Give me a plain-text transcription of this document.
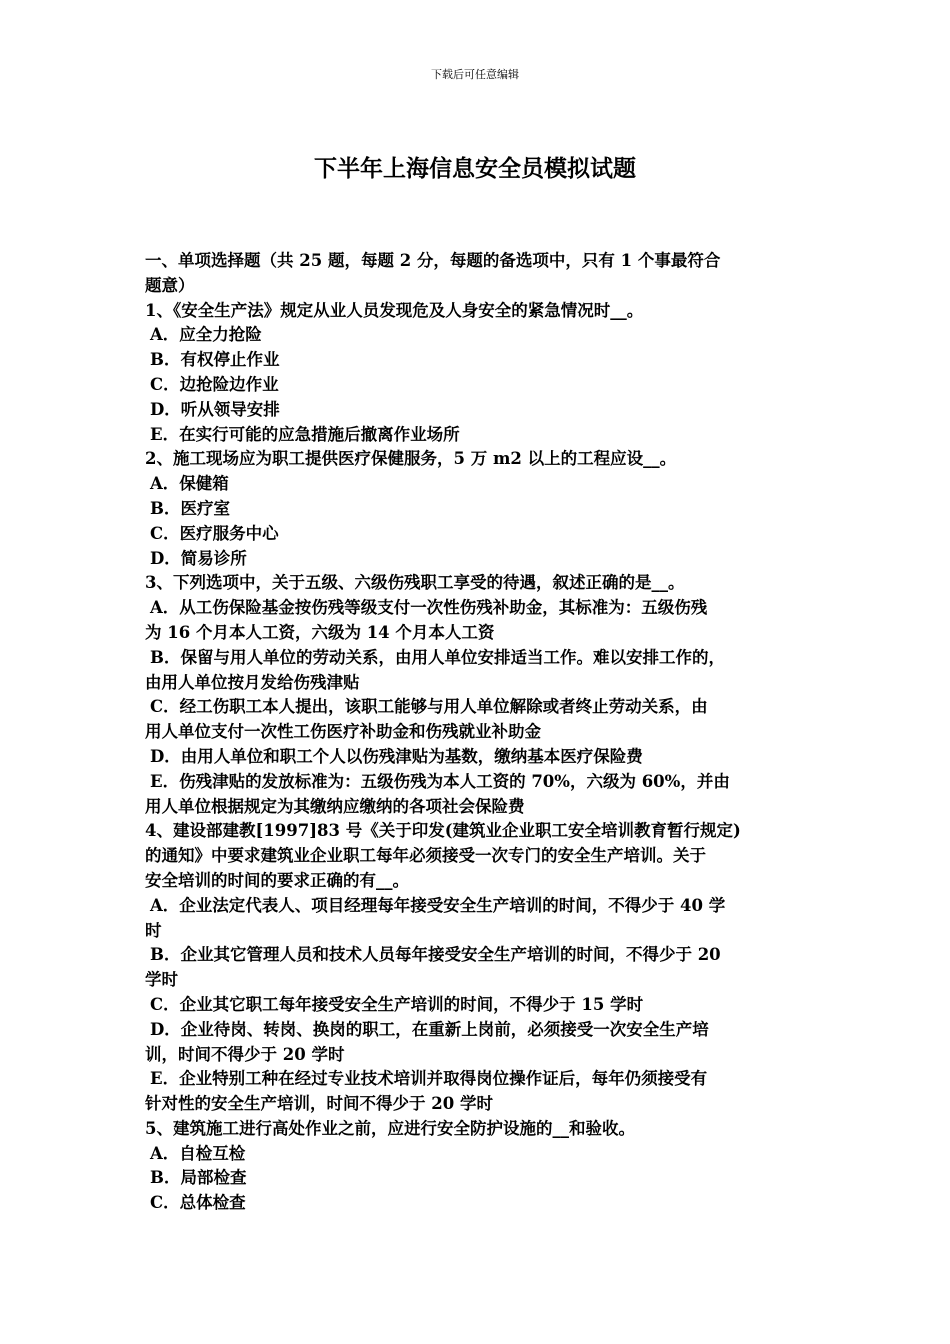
下载后可任意编辑
下半年上海信息安全员模拟试题
一、单项选择题（共 25 题，每题 2 分，每题的备选项中，只有 1 个事最符合
题意）
1、《安全生产法》规定从业人员发现危及人身安全的紧急情况时__。
A．应全力抢险
B．有权停止作业
C．边抢险边作业
D．听从领导安排
E．在实行可能的应急措施后撤离作业场所
2、施工现场应为职工提供医疗保健服务，5 万 m2 以上的工程应设__。
A．保健箱
B．医疗室
C．医疗服务中心
D．简易诊所
3、下列选项中，关于五级、六级伤残职工享受的待遇，叙述正确的是__。
A．从工伤保险基金按伤残等级支付一次性伤残补助金，其标准为：五级伤残
为 16 个月本人工资，六级为 14 个月本人工资
B．保留与用人单位的劳动关系，由用人单位安排适当工作。难以安排工作的，
由用人单位按月发给伤残津贴
C．经工伤职工本人提出，该职工能够与用人单位解除或者终止劳动关系，由
用人单位支付一次性工伤医疗补助金和伤残就业补助金
D．由用人单位和职工个人以伤残津贴为基数，缴纳基本医疗保险费
E．伤残津贴的发放标准为：五级伤残为本人工资的 70%，六级为 60%，并由
用人单位根据规定为其缴纳应缴纳的各项社会保险费
4、建设部建教[1997]83 号《关于印发(建筑业企业职工安全培训教育暂行规定)
的通知》中要求建筑业企业职工每年必须接受一次专门的安全生产培训。关于
安全培训的时间的要求正确的有__。
A．企业法定代表人、项目经理每年接受安全生产培训的时间，不得少于 40 学
时
B．企业其它管理人员和技术人员每年接受安全生产培训的时间，不得少于 20
学时
C．企业其它职工每年接受安全生产培训的时间，不得少于 15 学时
D．企业待岗、转岗、换岗的职工，在重新上岗前，必须接受一次安全生产培
训，时间不得少于 20 学时
E．企业特别工种在经过专业技术培训并取得岗位操作证后，每年仍须接受有
针对性的安全生产培训，时间不得少于 20 学时
5、建筑施工进行高处作业之前，应进行安全防护设施的__和验收。
A．自检互检
B．局部检查
C．总体检查
